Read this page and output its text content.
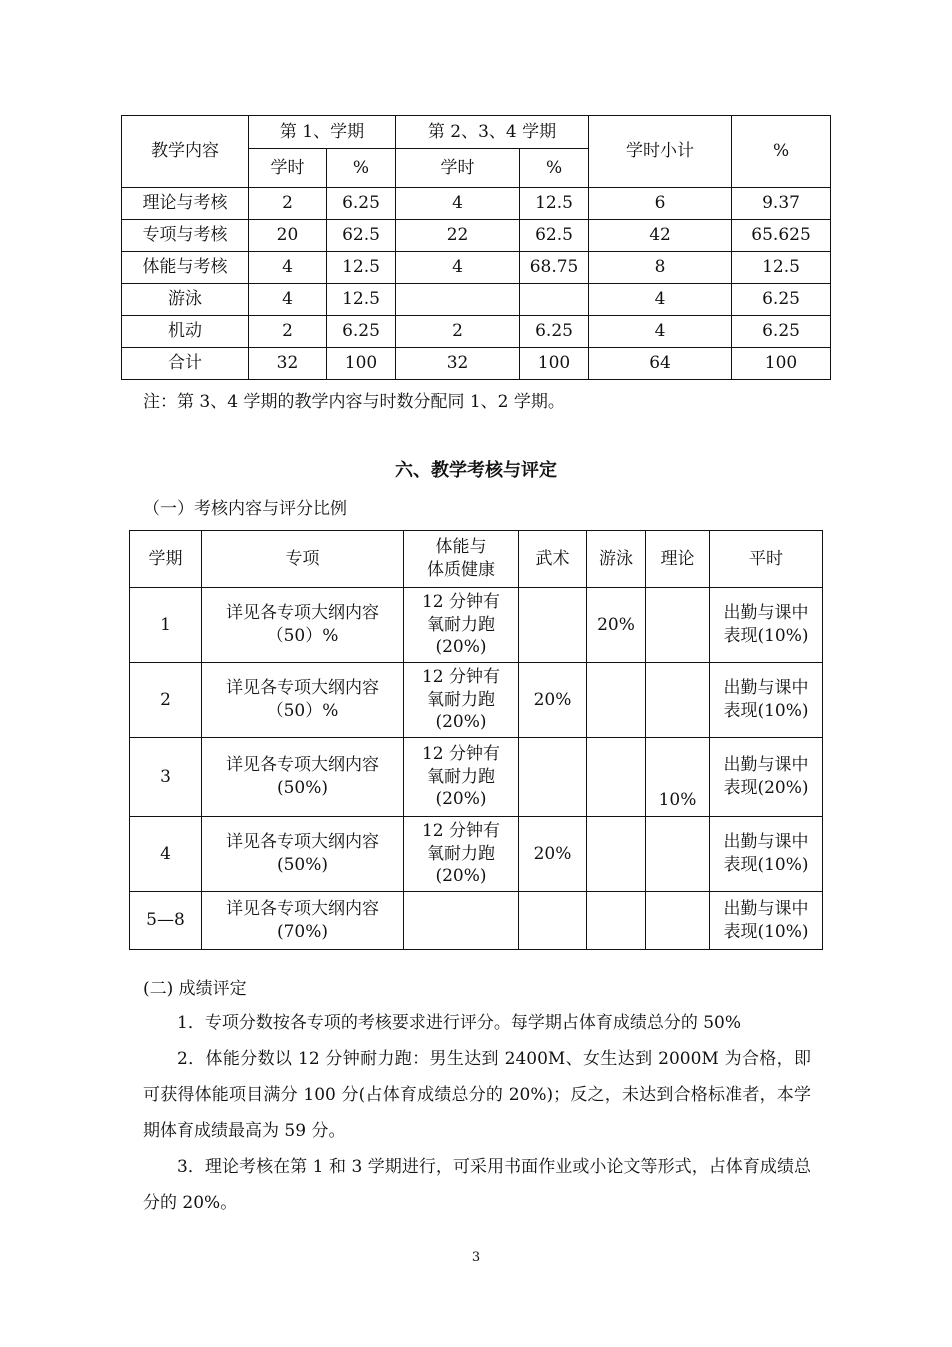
教学内容	第 1、学期		第 2、3、4 学期		学时小计	%
	学时	%	学时	%		
理论与考核	2	6.25	4	12.5	6	9.37
专项与考核	20	62.5	22	62.5	42	65.625
体能与考核	4	12.5	4	68.75	8	12.5
游泳	4	12.5			4	6.25
机动	2	6.25	2	6.25	4	6.25
合计	32	100	32	100	64	100
注：第 3、4 学期的教学内容与时数分配同 1、2 学期。
六、教学考核与评定
（一）考核内容与评分比例
学期	专项	体能与
体质健康	武术	游泳	理论	平时
1	详见各专项大纲内容
（50）%	12 分钟有
氧耐力跑
(20%)		20%		出勤与课中
表现(10%)
2	详见各专项大纲内容
（50）%	12 分钟有
氧耐力跑
(20%)	20%			出勤与课中
表现(10%)
3	详见各专项大纲内容
(50%)	12 分钟有
氧耐力跑
(20%)			10%	出勤与课中
表现(20%)
4	详见各专项大纲内容
(50%)	12 分钟有
氧耐力跑
(20%)	20%			出勤与课中
表现(10%)
5—8	详见各专项大纲内容
(70%)					出勤与课中
表现(10%)
(二) 成绩评定
1．专项分数按各专项的考核要求进行评分。每学期占体育成绩总分的 50%
2．体能分数以 12 分钟耐力跑：男生达到 2400M、女生达到 2000M 为合格，即可获得体能项目满分 100 分(占体育成绩总分的 20%)；反之，未达到合格标准者，本学期体育成绩最高为 59 分。
3．理论考核在第 1 和 3 学期进行，可采用书面作业或小论文等形式，占体育成绩总分的 20%。
3
